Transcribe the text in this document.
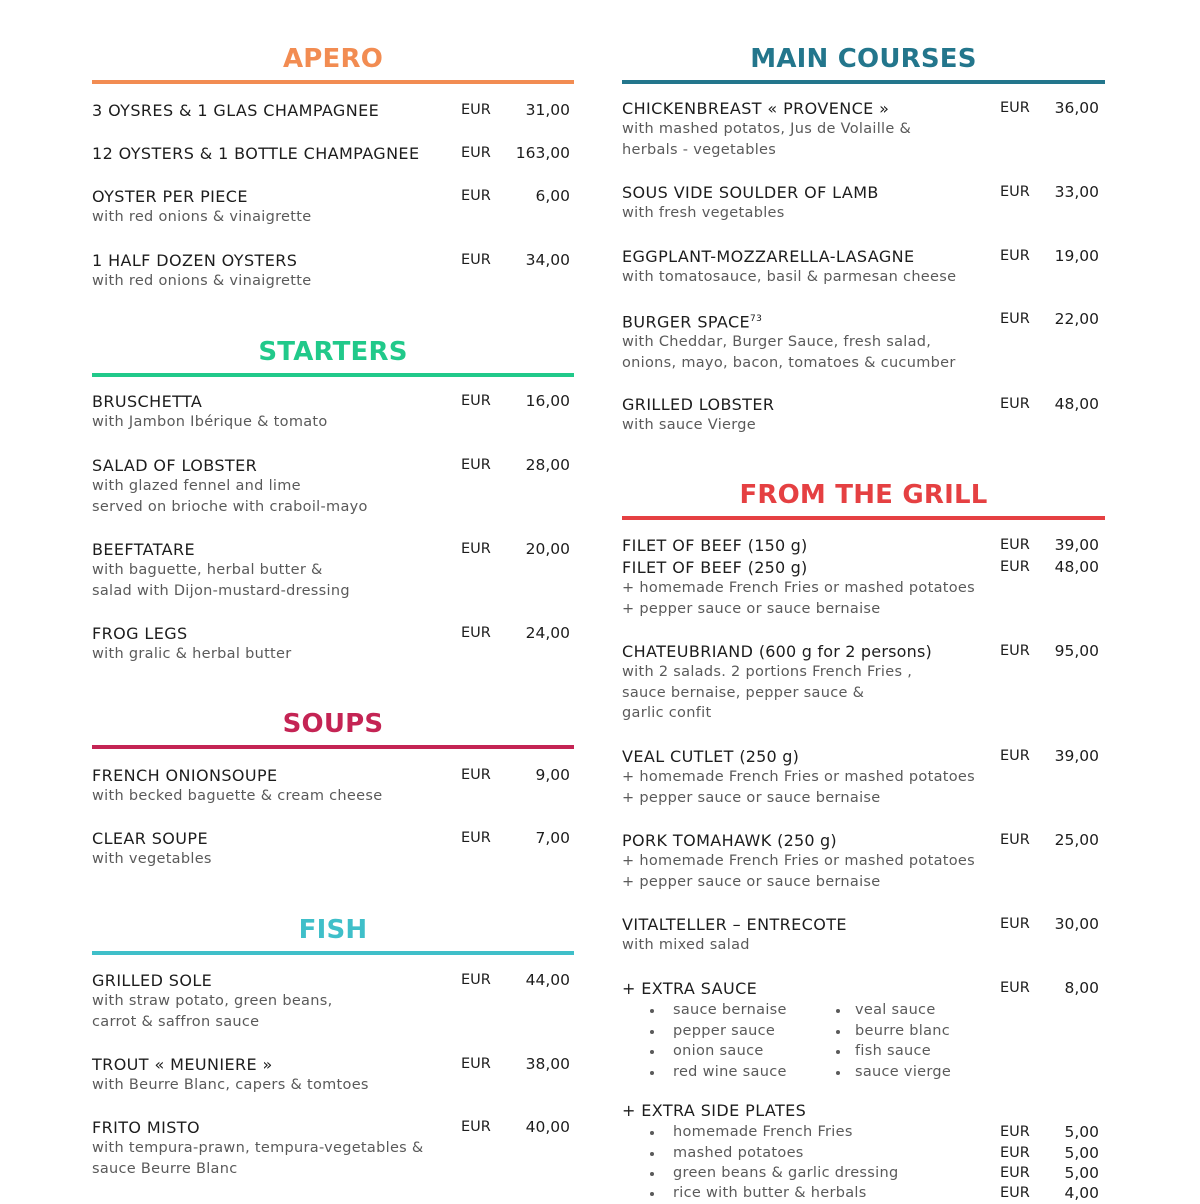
APERO
3 OYSRES & 1 GLAS CHAMPAGNEE	EUR 31,00
12 OYSTERS & 1 BOTTLE CHAMPAGNEE	EUR 163,00
OYSTER PER PIECE
with red onions & vinaigrette
EUR	6,00
1 HALF DOZEN OYSTERS
with red onions & vinaigrette
EUR 34,00
STARTERS
BRUSCHETTA
with Jambon Ibérique & tomato
EUR 16,00
SALAD OF LOBSTER
with glazed fennel and lime
served on brioche with craboil-mayo
EUR 28,00
BEEFTATARE
with baguette, herbal butter &
salad with Dijon-mustard-dressing
EUR 20,00
FROG LEGS
with gralic & herbal butter
EUR 24,00
SOUPS
FRENCH ONIONSOUPE
with becked baguette & cream cheese
EUR	9,00
CLEAR SOUPE
with vegetables
EUR	7,00
FISH
GRILLED SOLE
with straw potato, green beans,
carrot & saffron sauce
EUR 44,00
TROUT « MEUNIERE »
with Beurre Blanc, capers & tomtoes
EUR 38,00
FRITO MISTO
with tempura-prawn, tempura-vegetables &
sauce Beurre Blanc
EUR 40,00
MAIN COURSES
CHICKENBREAST « PROVENCE »
with mashed potatos, Jus de Volaille &
herbals - vegetables
EUR 36,00
SOUS VIDE SOULDER OF LAMB
with fresh vegetables
EUR 33,00
EGGPLANT-MOZZARELLA-LASAGNE
with tomatosauce, basil & parmesan cheese
EUR 19,00
BURGER SPACE$^{73}$
with Cheddar, Burger Sauce, fresh salad,
onions, mayo, bacon, tomatoes & cucumber
EUR 22,00
GRILLED LOBSTER
with sauce Vierge
EUR 48,00
FROM THE GRILL
FILET OF BEEF (150 g)
FILET OF BEEF (250 g)
+ homemade French Fries or mashed potatoes
+ pepper sauce or sauce bernaise
EUR 39,00
EUR 48,00
CHATEUBRIAND (600 g for 2 persons)
with 2 salads. 2 portions French Fries ,
sauce bernaise, pepper sauce &
garlic confit
EUR 95,00
VEAL CUTLET (250 g)
+ homemade French Fries or mashed potatoes
+ pepper sauce or sauce bernaise
EUR 39,00
PORK TOMAHAWK (250 g)
+ homemade French Fries or mashed potatoes
+ pepper sauce or sauce bernaise
EUR 25,00
VITALTELLER – ENTRECOTE
with mixed salad
EUR 30,00
+ EXTRA SAUCE	EUR 8,00
sauce bernaise
pepper sauce
onion sauce
red wine sauce
veal sauce
beurre blanc
fish sauce
sauce vierge
+ EXTRA SIDE PLATES
homemade French Fries	EUR 5,00
mashed potatoes	EUR 5,00
green beans & garlic dressing	EUR 5,00
rice with butter & herbals	EUR 4,00
